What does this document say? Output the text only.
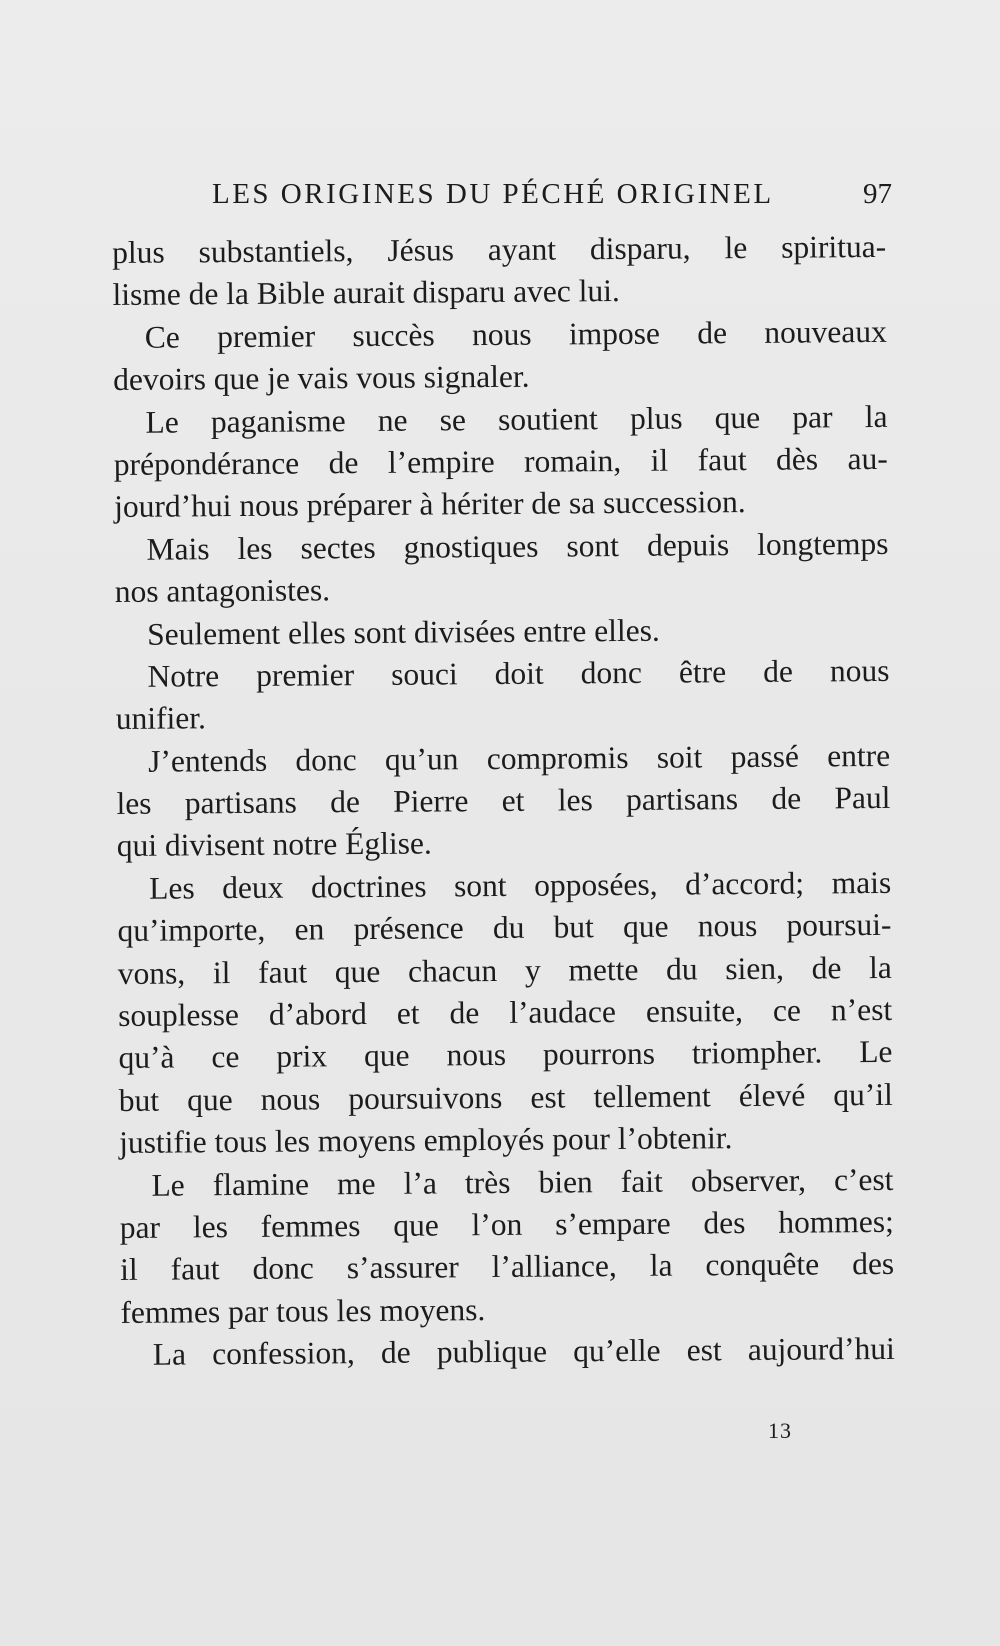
LES ORIGINES DU PÉCHÉ ORIGINEL	97
plus substantiels, Jésus ayant disparu, le spiritua-
lisme de la Bible aurait disparu avec lui.
Ce premier succès nous impose de nouveaux
devoirs que je vais vous signaler.
Le paganisme ne se soutient plus que par la
prépondérance de l’empire romain, il faut dès au-
jourd’hui nous préparer à hériter de sa succession.
Mais les sectes gnostiques sont depuis longtemps
nos antagonistes.
Seulement elles sont divisées entre elles.
Notre premier souci doit donc être de nous
unifier.
J’entends donc qu’un compromis soit passé entre
les partisans de Pierre et les partisans de Paul
qui divisent notre Église.
Les deux doctrines sont opposées, d’accord; mais
qu’importe, en présence du but que nous poursui-
vons, il faut que chacun y mette du sien, de la
souplesse d’abord et de l’audace ensuite, ce n’est
qu’à ce prix que nous pourrons triompher. Le
but que nous poursuivons est tellement élevé qu’il
justifie tous les moyens employés pour l’obtenir.
Le flamine me l’a très bien fait observer, c’est
par les femmes que l’on s’empare des hommes;
il faut donc s’assurer l’alliance, la conquête des
femmes par tous les moyens.
La confession, de publique qu’elle est aujourd’hui
13
